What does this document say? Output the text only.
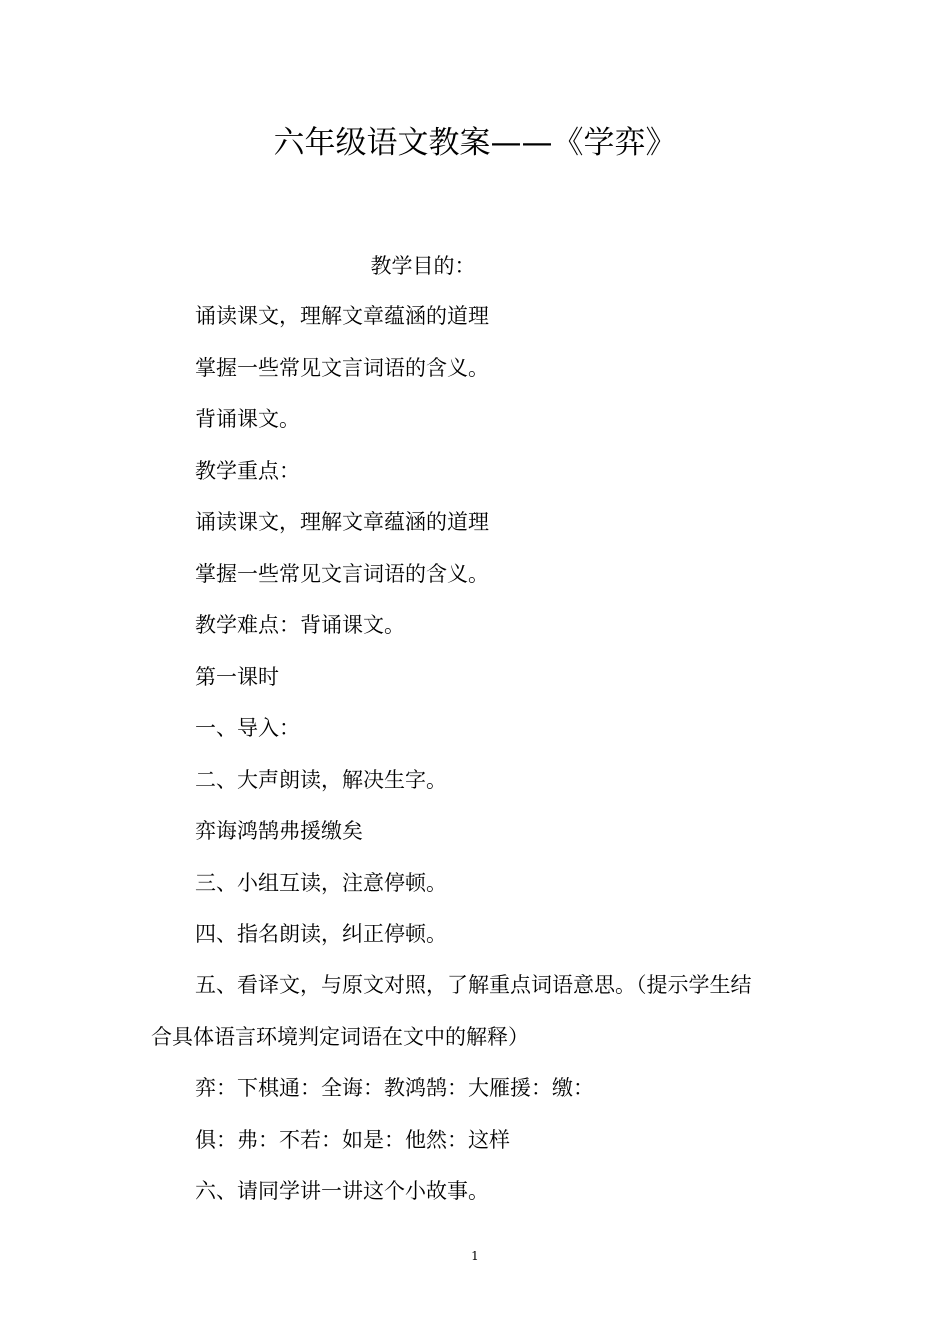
六年级语文教案——《学弈》
教学目的：
诵读课文，理解文章蕴涵的道理
掌握一些常见文言词语的含义。
背诵课文。
教学重点：
诵读课文，理解文章蕴涵的道理
掌握一些常见文言词语的含义。
教学难点：背诵课文。
第一课时
一、导入：
二、大声朗读，解决生字。
弈诲鸿鹄弗援缴矣
三、小组互读，注意停顿。
四、指名朗读，纠正停顿。
五、看译文，与原文对照，了解重点词语意思。（提示学生结
合具体语言环境判定词语在文中的解释）
弈：下棋通：全诲：教鸿鹄：大雁援：缴：
俱：弗：不若：如是：他然：这样
六、请同学讲一讲这个小故事。
1
